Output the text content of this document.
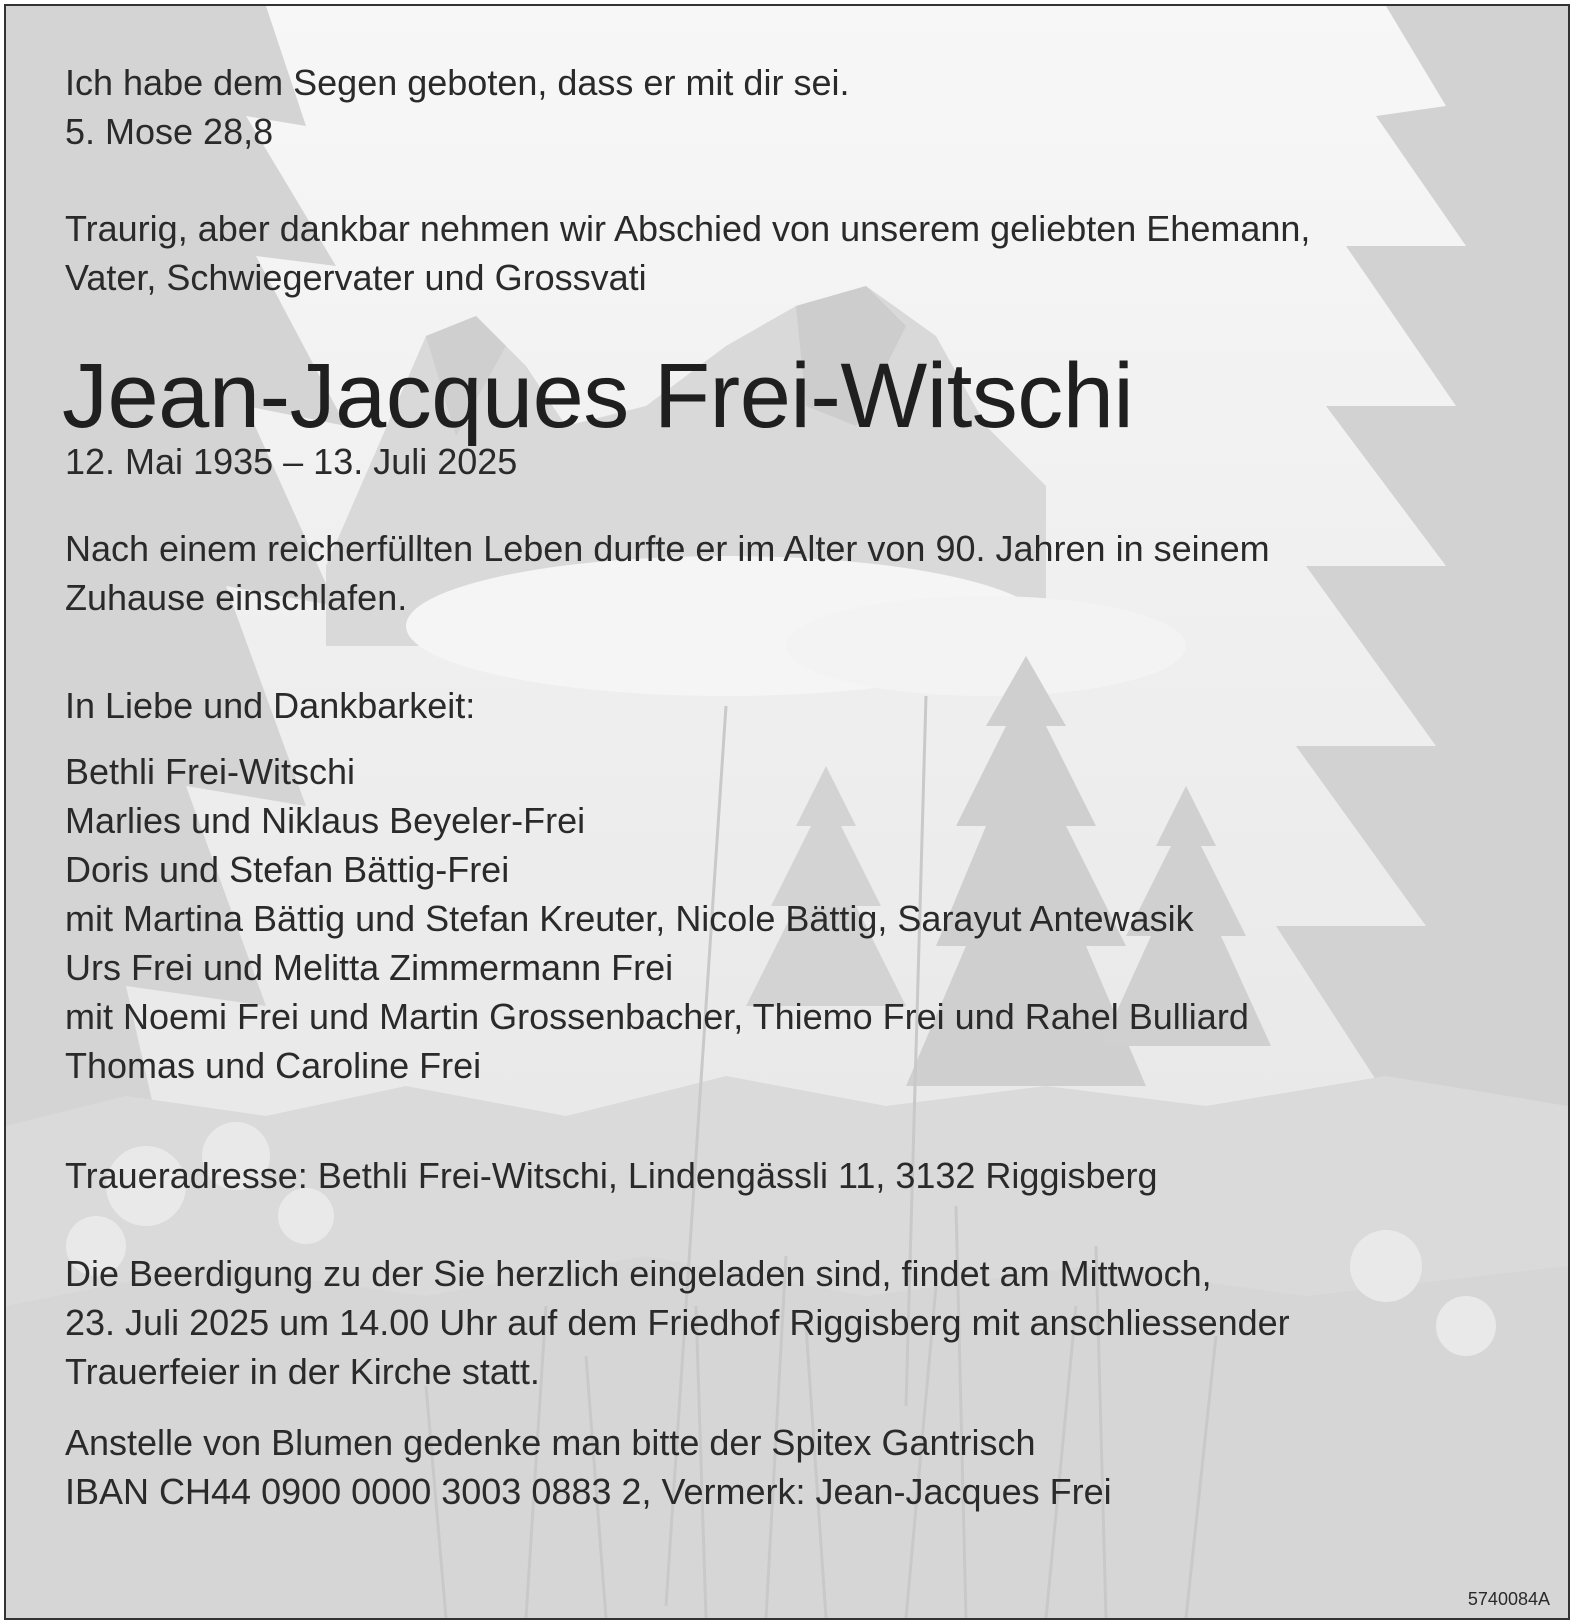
Ich habe dem Segen geboten, dass er mit dir sei.
5. Mose 28,8
Traurig, aber dankbar nehmen wir Abschied von unserem geliebten Ehemann,
Vater, Schwiegervater und Grossvati
Jean-Jacques Frei-Witschi
12. Mai 1935 – 13. Juli 2025
Nach einem reicherfüllten Leben durfte er im Alter von 90. Jahren in seinem
Zuhause einschlafen.
In Liebe und Dankbarkeit:
Bethli Frei-Witschi
Marlies und Niklaus Beyeler-Frei
Doris und Stefan Bättig-Frei
mit Martina Bättig und Stefan Kreuter, Nicole Bättig, Sarayut Antewasik
Urs Frei und Melitta Zimmermann Frei
mit Noemi Frei und Martin Grossenbacher, Thiemo Frei und Rahel Bulliard
Thomas und Caroline Frei
Traueradresse: Bethli Frei-Witschi, Lindengässli 11, 3132 Riggisberg
Die Beerdigung zu der Sie herzlich eingeladen sind, findet am Mittwoch,
23. Juli 2025 um 14.00 Uhr auf dem Friedhof Riggisberg mit anschliessender
Trauerfeier in der Kirche statt.
Anstelle von Blumen gedenke man bitte der Spitex Gantrisch
IBAN CH44 0900 0000 3003 0883 2, Vermerk: Jean-Jacques Frei
5740084A
